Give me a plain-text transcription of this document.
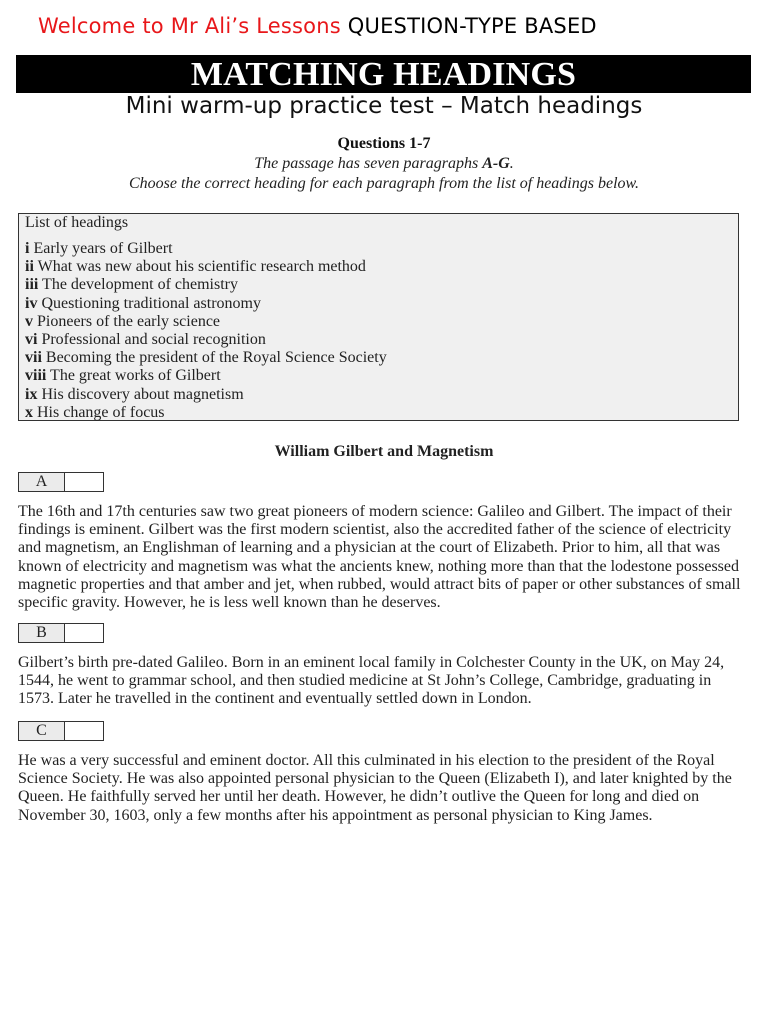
Welcome to Mr Ali’s Lessons QUESTION-TYPE BASED
MATCHING HEADINGS
Mini warm-up practice test – Match headings
Questions 1-7
The passage has seven paragraphs A-G.
Choose the correct heading for each paragraph from the list of headings below.
List of headings
i Early years of Gilbert
ii What was new about his scientific research method
iii The development of chemistry
iv Questioning traditional astronomy
v Pioneers of the early science
vi Professional and social recognition
vii Becoming the president of the Royal Science Society
viii The great works of Gilbert
ix His discovery about magnetism
x His change of focus
William Gilbert and Magnetism
A
The 16th and 17th centuries saw two great pioneers of modern science: Galileo and Gilbert. The impact of their findings is eminent. Gilbert was the first modern scientist, also the accredited father of the science of electricity and magnetism, an Englishman of learning and a physician at the court of Elizabeth. Prior to him, all that was known of electricity and magnetism was what the ancients knew, nothing more than that the lodestone possessed magnetic properties and that amber and jet, when rubbed, would attract bits of paper or other substances of small specific gravity. However, he is less well known than he deserves.
B
Gilbert’s birth pre-dated Galileo. Born in an eminent local family in Colchester County in the UK, on May 24, 1544, he went to grammar school, and then studied medicine at St John’s College, Cambridge, graduating in 1573. Later he travelled in the continent and eventually settled down in London.
C
He was a very successful and eminent doctor. All this culminated in his election to the president of the Royal Science Society. He was also appointed personal physician to the Queen (Elizabeth I), and later knighted by the Queen. He faithfully served her until her death. However, he didn’t outlive the Queen for long and died on November 30, 1603, only a few months after his appointment as personal physician to King James.
